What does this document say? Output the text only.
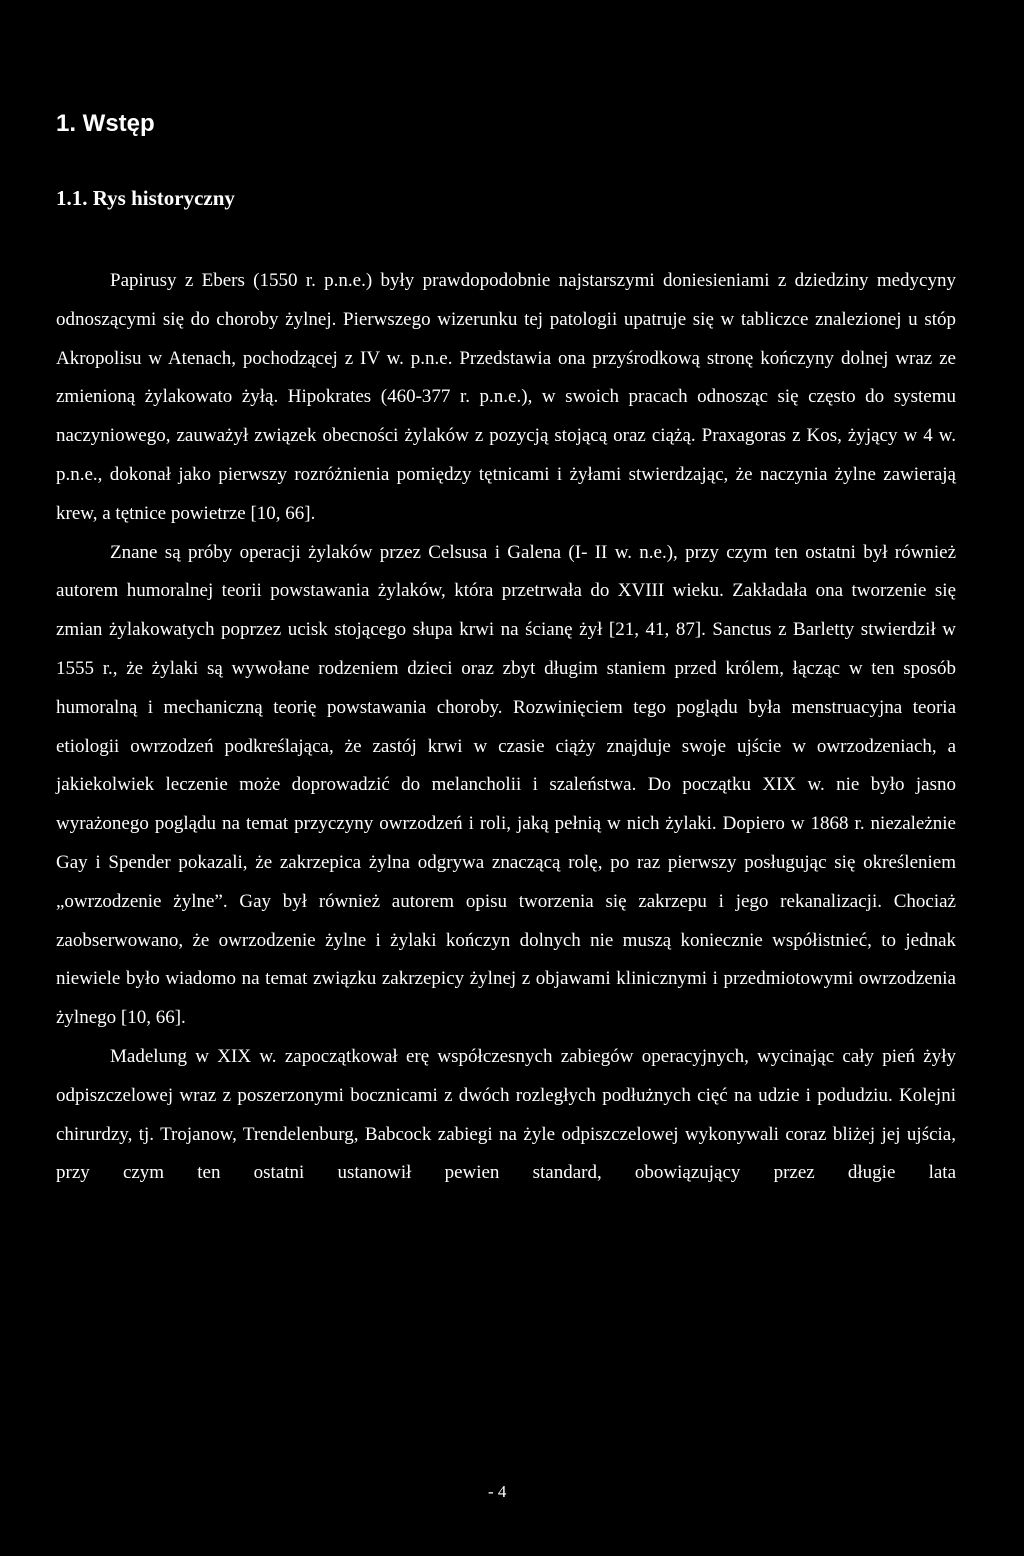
1. Wstęp
1.1. Rys historyczny

Papirusy z Ebers (1550 r. p.n.e.) były prawdopodobnie najstarszymi doniesieniami z dziedziny medycyny odnoszącymi się do choroby żylnej. Pierwszego wizerunku tej patologii upatruje się w tabliczce znalezionej u stóp Akropolisu w Atenach, pochodzącej z IV w. p.n.e. Przedstawia ona przyśrodkową stronę kończyny dolnej wraz ze zmienioną żylakowato żyłą. Hipokrates (460-377 r. p.n.e.), w swoich pracach odnosząc się często do systemu naczyniowego, zauważył związek obecności żylaków z pozycją stojącą oraz ciążą. Praxagoras z Kos, żyjący w 4 w. p.n.e., dokonał jako pierwszy rozróżnienia pomiędzy tętnicami i żyłami stwierdzając, że naczynia żylne zawierają krew, a tętnice powietrze [10, 66].

Znane są próby operacji żylaków przez Celsusa i Galena (I- II w. n.e.), przy czym ten ostatni był również autorem humoralnej teorii powstawania żylaków, która przetrwała do XVIII wieku. Zakładała ona tworzenie się zmian żylakowatych poprzez ucisk stojącego słupa krwi na ścianę żył [21, 41, 87]. Sanctus z Barletty stwierdził w 1555 r., że żylaki są wywołane rodzeniem dzieci oraz zbyt długim staniem przed królem, łącząc w ten sposób humoralną i mechaniczną teorię powstawania choroby. Rozwinięciem tego poglądu była menstruacyjna teoria etiologii owrzodzeń podkreślająca, że zastój krwi w czasie ciąży znajduje swoje ujście w owrzodzeniach, a jakiekolwiek leczenie może doprowadzić do melancholii i szaleństwa. Do początku XIX w. nie było jasno wyrażonego poglądu na temat przyczyny owrzodzeń i roli, jaką pełnią w nich żylaki. Dopiero w 1868 r. niezależnie Gay i Spender pokazali, że zakrzepica żylna odgrywa znaczącą rolę, po raz pierwszy posługując się określeniem „owrzodzenie żylne”. Gay był również autorem opisu tworzenia się zakrzepu i jego rekanalizacji. Chociaż zaobserwowano, że owrzodzenie żylne i żylaki kończyn dolnych nie muszą koniecznie współistnieć, to jednak niewiele było wiadomo na temat związku zakrzepicy żylnej z objawami klinicznymi i przedmiotowymi owrzodzenia żylnego [10, 66].

Madelung w XIX w. zapoczątkował erę współczesnych zabiegów operacyjnych, wycinając cały pień żyły odpiszczelowej wraz z poszerzonymi bocznicami z dwóch rozległych podłużnych cięć na udzie i podudziu. Kolejni chirurdzy, tj. Trojanow, Trendelenburg, Babcock zabiegi na żyle odpiszczelowej wykonywali coraz bliżej jej ujścia, przy czym ten ostatni ustanowił pewien standard, obowiązujący przez długie lata

- 4
